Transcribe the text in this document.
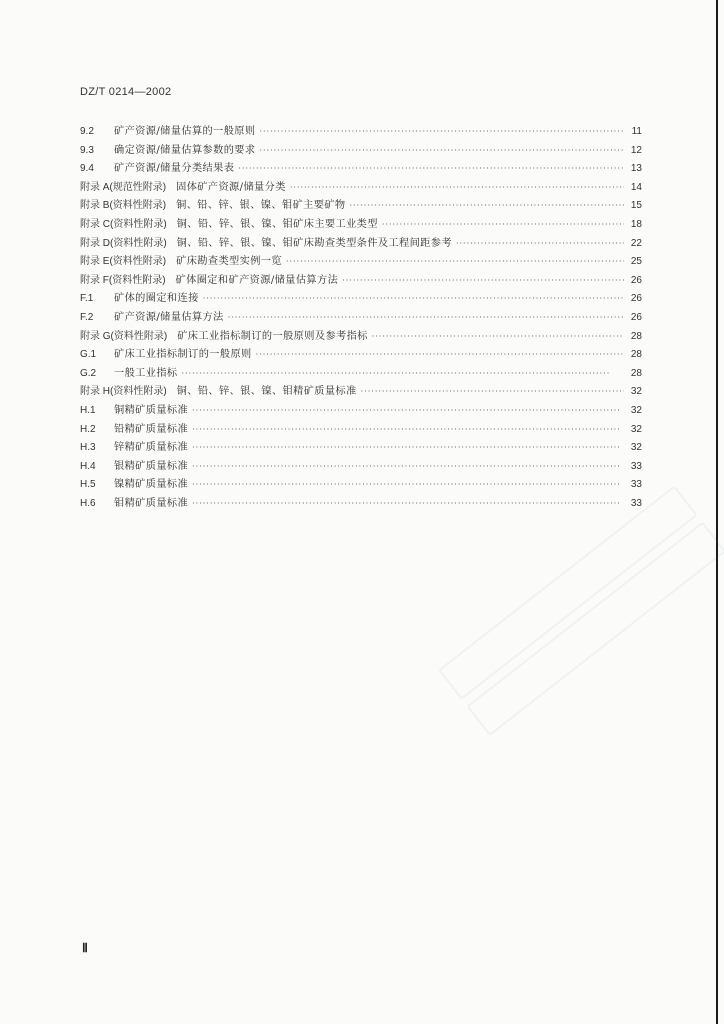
DZ/T 0214—2002
9.2	矿产资源/储量估算的一般原则 ·····	11
9.3	确定资源/储量估算参数的要求 ·····	12
9.4	矿产资源/储量分类结果表 ·····	13
附录 A(规范性附录) 固体矿产资源/储量分类 ·····	14
附录 B(资料性附录) 铜、铅、锌、银、镍、钼矿主要矿物 ·····	15
附录 C(资料性附录) 铜、铅、锌、银、镍、钼矿床主要工业类型 ·····	18
附录 D(资料性附录) 铜、铅、锌、银、镍、钼矿床勘查类型条件及工程间距参考 ·····	22
附录 E(资料性附录) 矿床勘查类型实例一览 ·····	25
附录 F(资料性附录) 矿体圈定和矿产资源/储量估算方法 ·····	26
F.1	矿体的圈定和连接 ·····	26
F.2	矿产资源/储量估算方法 ·····	26
附录 G(资料性附录) 矿床工业指标制订的一般原则及参考指标 ·····	28
G.1	矿床工业指标制订的一般原则 ·····	28
G.2	一般工业指标 ·····	28
附录 H(资料性附录) 铜、铅、锌、银、镍、钼精矿质量标准 ·····	32
H.1	铜精矿质量标准 ·····	32
H.2	铅精矿质量标准 ·····	32
H.3	锌精矿质量标准 ·····	32
H.4	银精矿质量标准 ·····	33
H.5	镍精矿质量标准 ·····	33
H.6	钼精矿质量标准 ·····	33
Ⅱ
